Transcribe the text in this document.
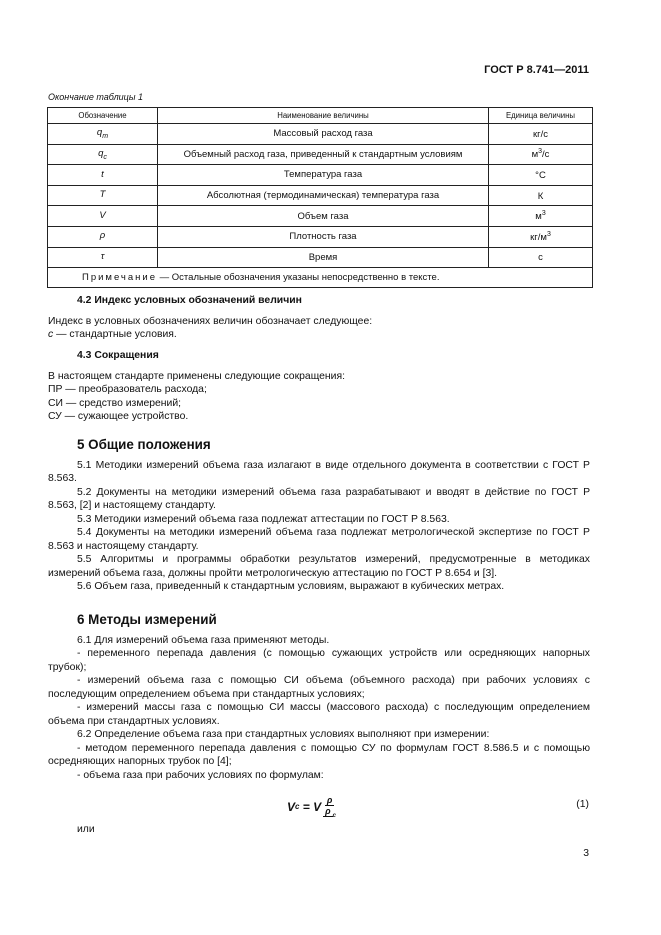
ГОСТ Р 8.741—2011
Окончание таблицы 1
Обозначение	Наименование величины	Единица величины
$q_m$	Массовый расход газа	кг/с
$q_c$	Объемный расход газа, приведенный к стандартным условиям	$м^3/с$
t	Температура газа	°С
T	Абсолютная (термодинамическая) температура газа	К
V	Объем газа	$м^3$
ρ	Плотность газа	$кг/м^3$
τ	Время	с
Примечание — Остальные обозначения указаны непосредственно в тексте.		
4.2 Индекс условных обозначений величин
Индекс в условных обозначениях величин обозначает следующее:
с — стандартные условия.
4.3 Сокращения
В настоящем стандарте применены следующие сокращения:
ПР — преобразователь расхода;
СИ — средство измерений;
СУ — сужающее устройство.
5 Общие положения
5.1 Методики измерений объема газа излагают в виде отдельного документа в соответствии с ГОСТ Р 8.563.
5.2 Документы на методики измерений объема газа разрабатывают и вводят в действие по ГОСТ Р 8.563, [2] и настоящему стандарту.
5.3 Методики измерений объема газа подлежат аттестации по ГОСТ Р 8.563.
5.4 Документы на методики измерений объема газа подлежат метрологической экспертизе по ГОСТ Р 8.563 и настоящему стандарту.
5.5 Алгоритмы и программы обработки результатов измерений, предусмотренные в методиках измерений объема газа, должны пройти метрологическую аттестацию по ГОСТ Р 8.654 и [3].
5.6 Объем газа, приведенный к стандартным условиям, выражают в кубических метрах.
6 Методы измерений
6.1 Для измерений объема газа применяют методы.
- переменного перепада давления (с помощью сужающих устройств или осредняющих напорных трубок);
- измерений объема газа с помощью СИ объема (объемного расхода) при рабочих условиях с последующим определением объема при стандартных условиях;
- измерений массы газа с помощью СИ массы (массового расхода) с последующим определением объема при стандартных условиях.
6.2 Определение объема газа при стандартных условиях выполняют при измерении:
- методом переменного перепада давления с помощью СУ по формулам ГОСТ 8.586.5 и с помощью осредняющих напорных трубок по [4];
- объема газа при рабочих условиях по формулам:
V c = V $\frac{\rho}{\rho _c}$	(1)
или
3
